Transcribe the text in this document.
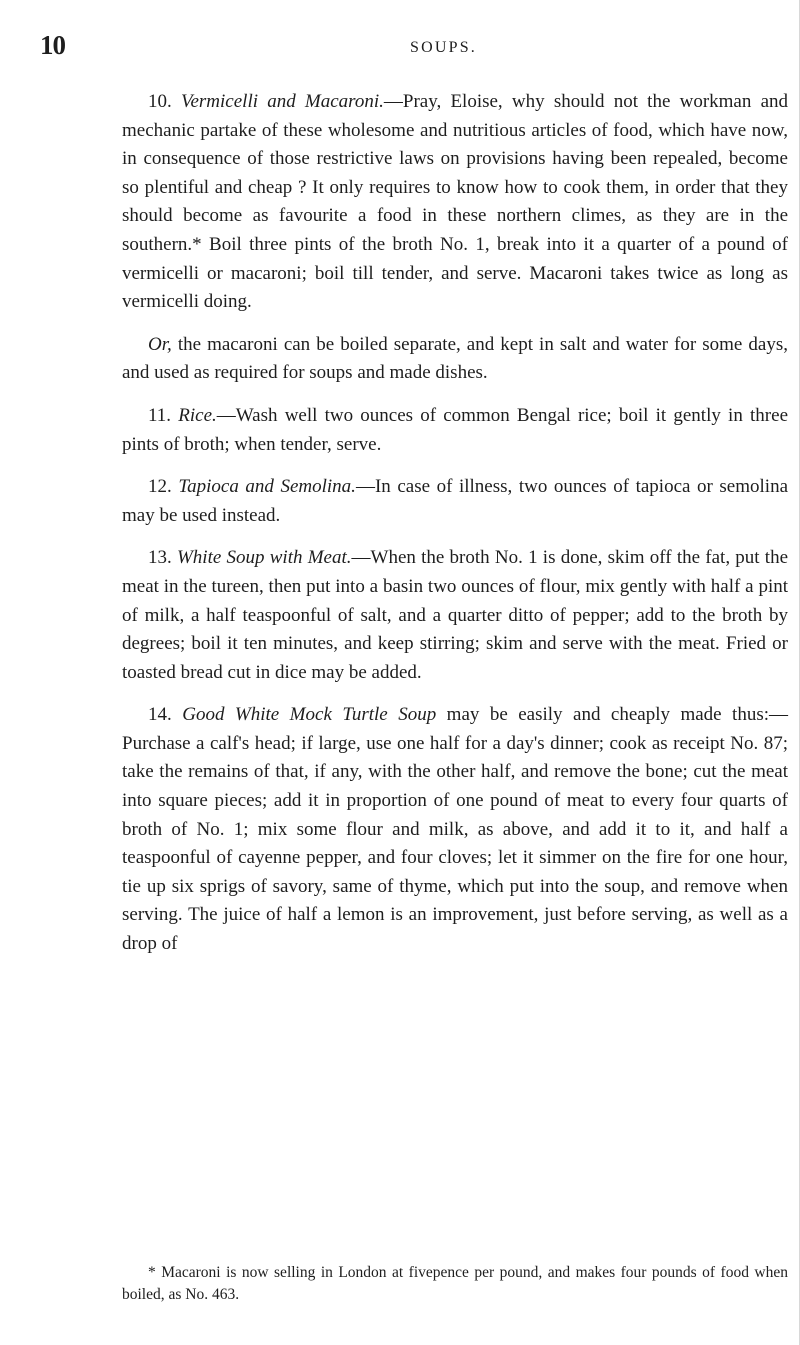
10	SOUPS.

10. Vermicelli and Macaroni.—Pray, Eloise, why should not the workman and mechanic partake of these wholesome and nutritious articles of food, which have now, in consequence of those restrictive laws on provisions having been repealed, become so plentiful and cheap ? It only requires to know how to cook them, in order that they should become as favourite a food in these northern climes, as they are in the southern.* Boil three pints of the broth No. 1, break into it a quarter of a pound of vermicelli or macaroni; boil till tender, and serve. Macaroni takes twice as long as vermicelli doing.

Or, the macaroni can be boiled separate, and kept in salt and water for some days, and used as required for soups and made dishes.

11. Rice.—Wash well two ounces of common Bengal rice; boil it gently in three pints of broth; when tender, serve.

12. Tapioca and Semolina.—In case of illness, two ounces of tapioca or semolina may be used instead.

13. White Soup with Meat.—When the broth No. 1 is done, skim off the fat, put the meat in the tureen, then put into a basin two ounces of flour, mix gently with half a pint of milk, a half teaspoonful of salt, and a quarter ditto of pepper; add to the broth by degrees; boil it ten minutes, and keep stirring; skim and serve with the meat. Fried or toasted bread cut in dice may be added.

14. Good White Mock Turtle Soup may be easily and cheaply made thus:—Purchase a calf's head; if large, use one half for a day's dinner; cook as receipt No. 87; take the remains of that, if any, with the other half, and remove the bone; cut the meat into square pieces; add it in proportion of one pound of meat to every four quarts of broth of No. 1; mix some flour and milk, as above, and add it to it, and half a teaspoonful of cayenne pepper, and four cloves; let it simmer on the fire for one hour, tie up six sprigs of savory, same of thyme, which put into the soup, and remove when serving. The juice of half a lemon is an improvement, just before serving, as well as a drop of

* Macaroni is now selling in London at fivepence per pound, and makes four pounds of food when boiled, as No. 463.
